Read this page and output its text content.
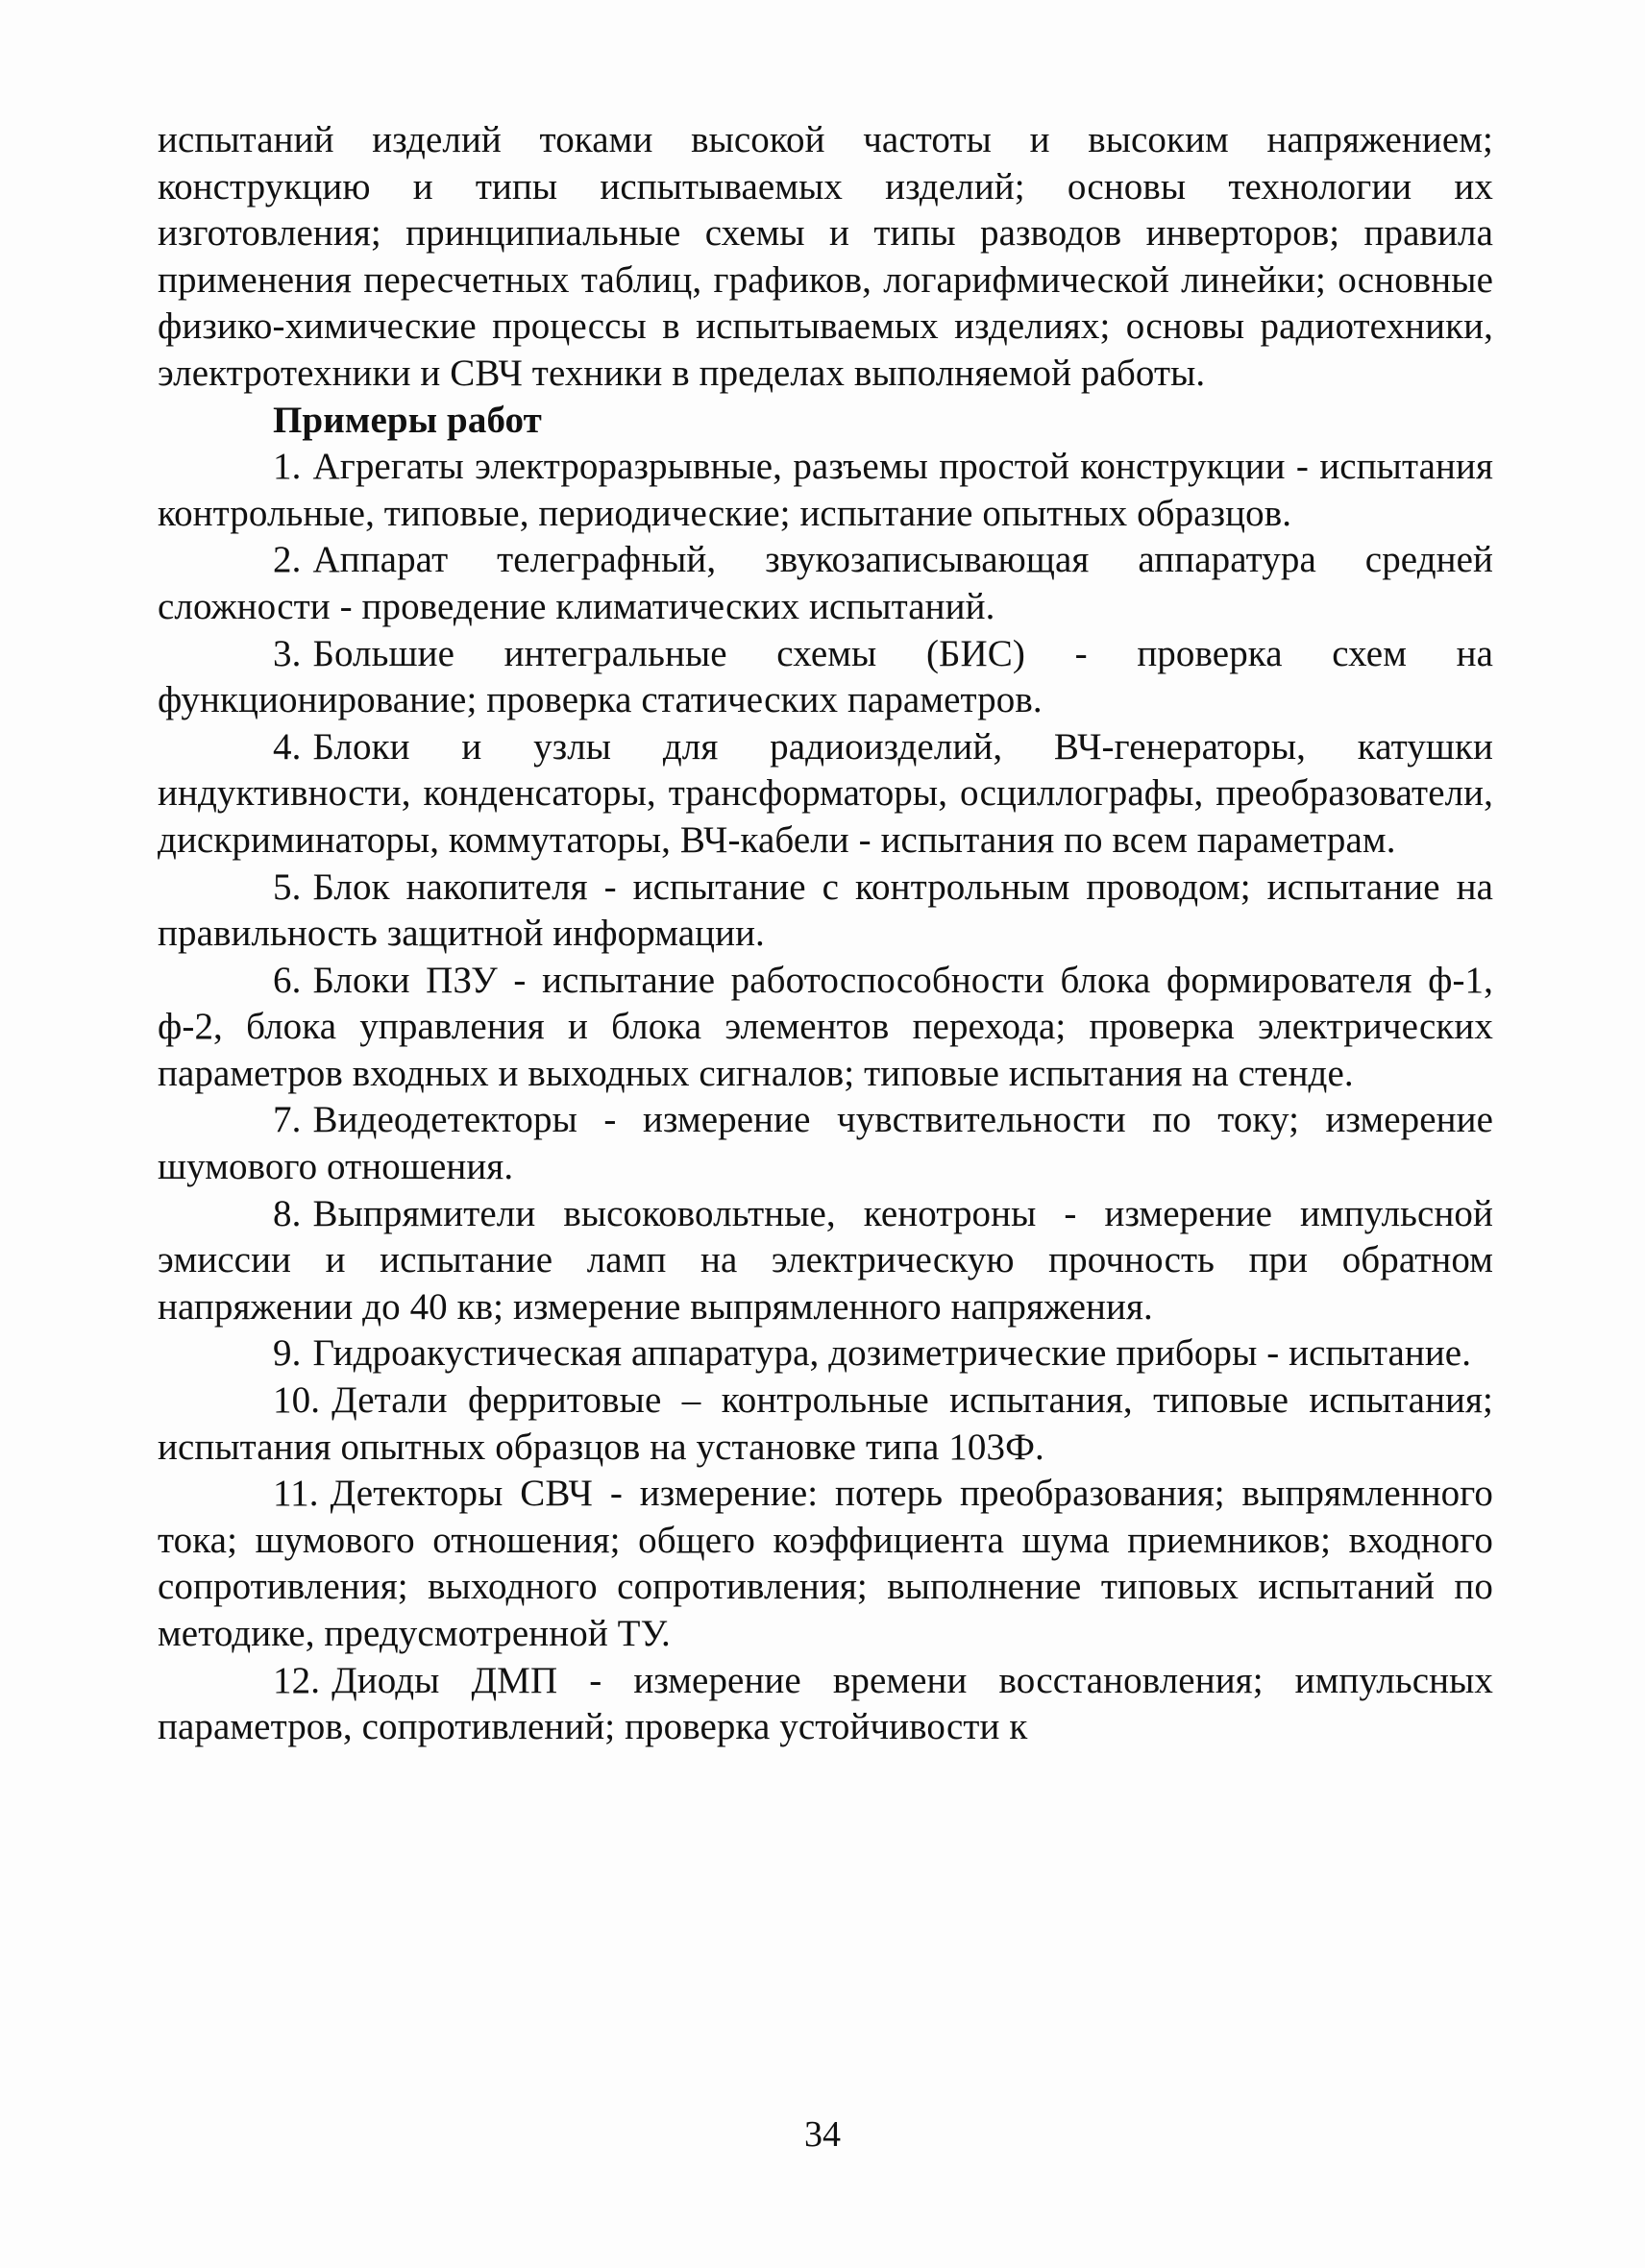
испытаний изделий токами высокой частоты и высоким напряжением; конструкцию и типы испытываемых изделий; основы технологии их изготовления; принципиальные схемы и типы разводов инверторов; правила применения пересчетных таблиц, графиков, логарифмической линейки; основные физико-химические процессы в испытываемых изделиях; основы радиотехники, электротехники и СВЧ техники в пределах выполняемой работы.

Примеры работ

1. Агрегаты электроразрывные, разъемы простой конструкции - испытания контрольные, типовые, периодические; испытание опытных образцов.

2. Аппарат телеграфный, звукозаписывающая аппаратура средней сложности - проведение климатических испытаний.

3. Большие интегральные схемы (БИС) - проверка схем на функционирование; проверка статических параметров.

4. Блоки и узлы для радиоизделий, ВЧ-генераторы, катушки индуктивности, конденсаторы, трансформаторы, осциллографы, преобразователи, дискриминаторы, коммутаторы, ВЧ-кабели - испытания по всем параметрам.

5. Блок накопителя - испытание с контрольным проводом; испытание на правильность защитной информации.

6. Блоки ПЗУ - испытание работоспособности блока формирователя ф-1, ф-2, блока управления и блока элементов перехода; проверка электрических параметров входных и выходных сигналов; типовые испытания на стенде.

7. Видеодетекторы - измерение чувствительности по току; измерение шумового отношения.

8. Выпрямители высоковольтные, кенотроны - измерение импульсной эмиссии и испытание ламп на электрическую прочность при обратном напряжении до 40 кв; измерение выпрямленного напряжения.

9. Гидроакустическая аппаратура, дозиметрические приборы - испытание.

10. Детали ферритовые – контрольные испытания, типовые испытания; испытания опытных образцов на установке типа 103Ф.

11. Детекторы СВЧ - измерение: потерь преобразования; выпрямленного тока; шумового отношения; общего коэффициента шума приемников; входного сопротивления; выходного сопротивления; выполнение типовых испытаний по методике, предусмотренной ТУ.

12. Диоды ДМП - измерение времени восстановления; импульсных параметров, сопротивлений; проверка устойчивости к

34
